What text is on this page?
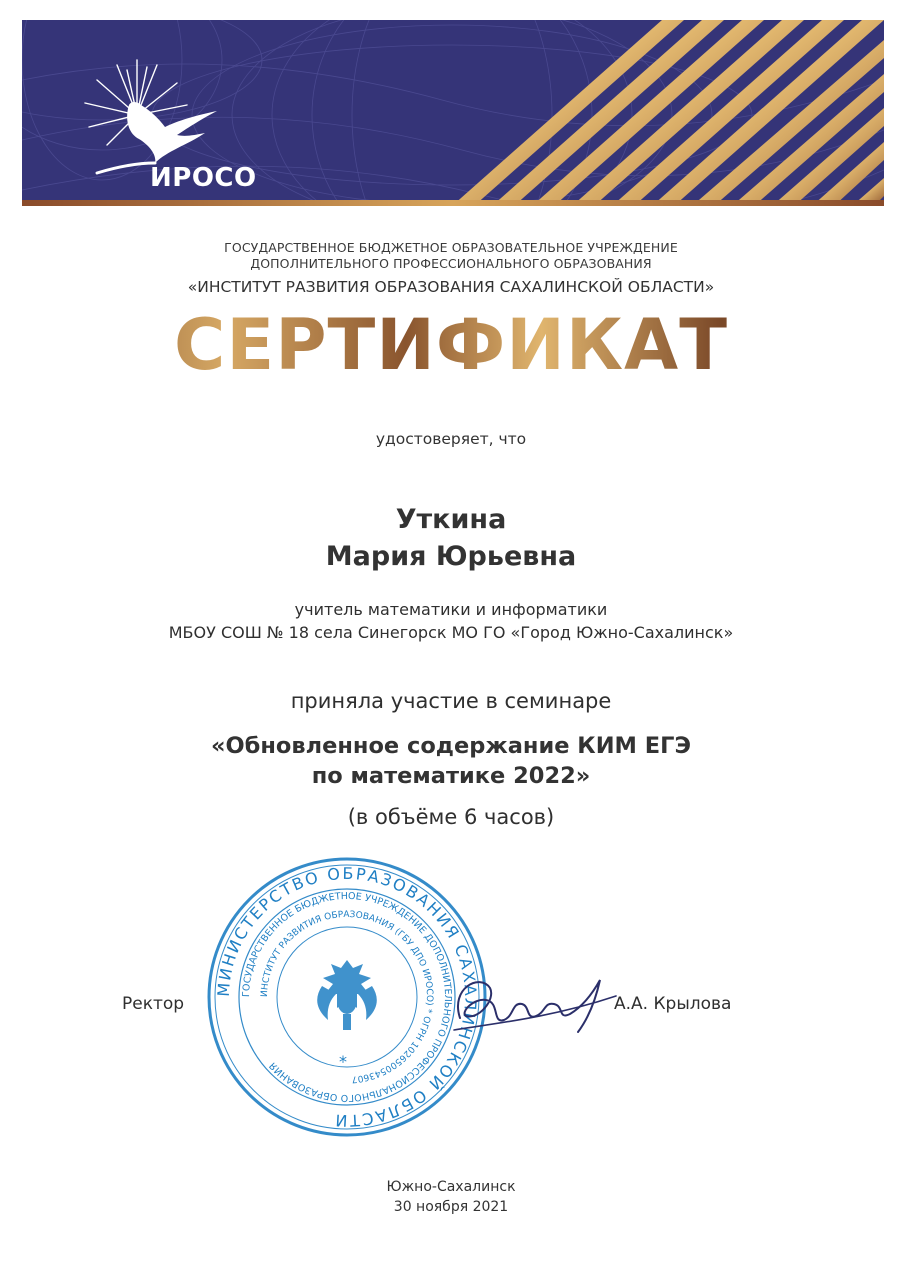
ИРОСО
ГОСУДАРСТВЕННОЕ БЮДЖЕТНОЕ ОБРАЗОВАТЕЛЬНОЕ УЧРЕЖДЕНИЕ
ДОПОЛНИТЕЛЬНОГО ПРОФЕССИОНАЛЬНОГО ОБРАЗОВАНИЯ
«ИНСТИТУТ РАЗВИТИЯ ОБРАЗОВАНИЯ САХАЛИНСКОЙ ОБЛАСТИ»
СЕРТИФИКАТ
удостоверяет, что
Уткина
Мария Юрьевна
учитель математики и информатики
МБОУ СОШ № 18 села Синегорск МО ГО «Город Южно-Сахалинск»
приняла участие в семинаре
«Обновленное содержание КИМ ЕГЭ
по математике 2022»
(в объёме 6 часов)
МИНИСТЕРСТВО ОБРАЗОВАНИЯ САХАЛИНСКОЙ ОБЛАСТИ
ГОСУДАРСТВЕННОЕ БЮДЖЕТНОЕ УЧРЕЖДЕНИЕ ДОПОЛНИТЕЛЬНОГО ПРОФЕССИОНАЛЬНОГО ОБРАЗОВАНИЯ
ИНСТИТУТ РАЗВИТИЯ ОБРАЗОВАНИЯ (ГБУ ДПО ИРОСО) * ОГРН 1026500543607
*
Ректор	А.А. Крылова
Южно-Сахалинск
30 ноября 2021
